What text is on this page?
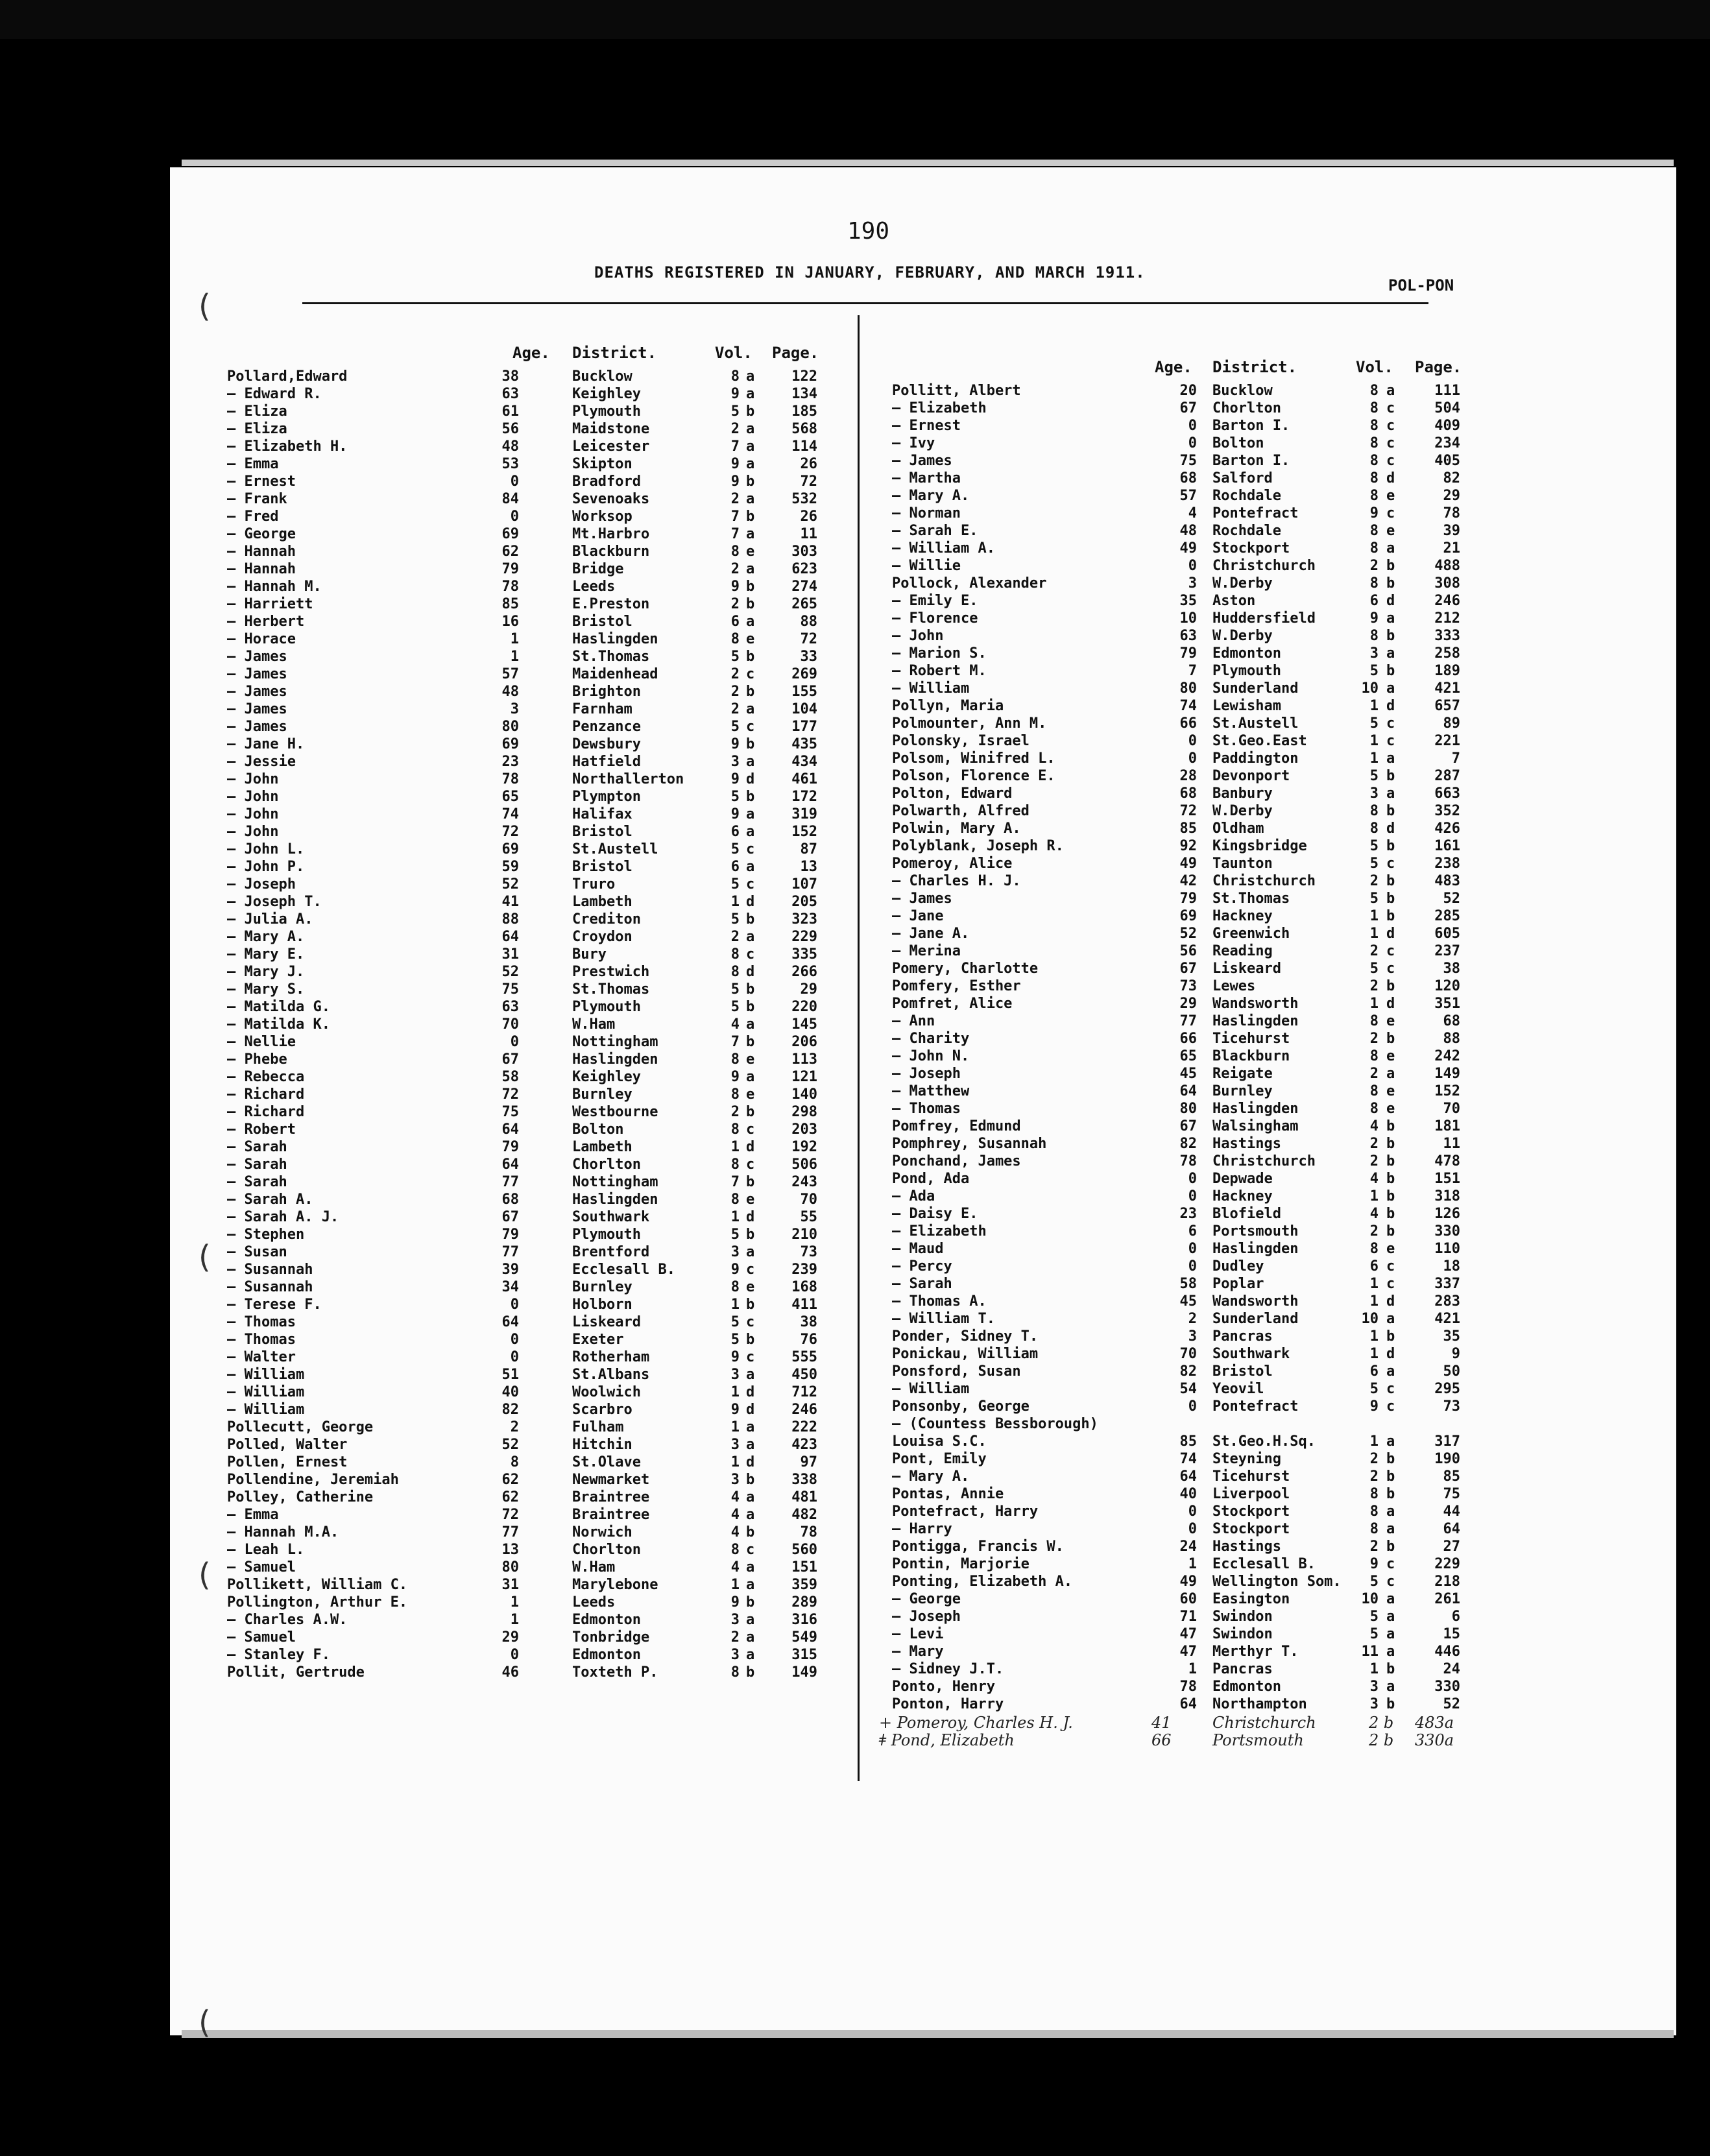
190
DEATHS REGISTERED IN JANUARY, FEBRUARY, AND MARCH 1911.
POL-PON
(
(
(
(
Age. District.	Vol. Page.
Pollard,Edward	38	Bucklow	8 a	122
— Edward R.	63	Keighley	9 a	134
— Eliza	61	Plymouth	5 b	185
— Eliza	56	Maidstone	2 a	568
— Elizabeth H.	48	Leicester	7 a	114
— Emma	53	Skipton	9 a	26
— Ernest	0	Bradford	9 b	72
— Frank	84	Sevenoaks	2 a	532
— Fred	0	Worksop	7 b	26
— George	69	Mt.Harbro	7 a	11
— Hannah	62	Blackburn	8 e	303
— Hannah	79	Bridge	2 a	623
— Hannah M.	78	Leeds	9 b	274
— Harriett	85	E.Preston	2 b	265
— Herbert	16	Bristol	6 a	88
— Horace	1	Haslingden	8 e	72
— James	1	St.Thomas	5 b	33
— James	57	Maidenhead	2 c	269
— James	48	Brighton	2 b	155
— James	3	Farnham	2 a	104
— James	80	Penzance	5 c	177
— Jane H.	69	Dewsbury	9 b	435
— Jessie	23	Hatfield	3 a	434
— John	78	Northallerton	9 d	461
— John	65	Plympton	5 b	172
— John	74	Halifax	9 a	319
— John	72	Bristol	6 a	152
— John L.	69	St.Austell	5 c	87
— John P.	59	Bristol	6 a	13
— Joseph	52	Truro	5 c	107
— Joseph T.	41	Lambeth	1 d	205
— Julia A.	88	Crediton	5 b	323
— Mary A.	64	Croydon	2 a	229
— Mary E.	31	Bury	8 c	335
— Mary J.	52	Prestwich	8 d	266
— Mary S.	75	St.Thomas	5 b	29
— Matilda G.	63	Plymouth	5 b	220
— Matilda K.	70	W.Ham	4 a	145
— Nellie	0	Nottingham	7 b	206
— Phebe	67	Haslingden	8 e	113
— Rebecca	58	Keighley	9 a	121
— Richard	72	Burnley	8 e	140
— Richard	75	Westbourne	2 b	298
— Robert	64	Bolton	8 c	203
— Sarah	79	Lambeth	1 d	192
— Sarah	64	Chorlton	8 c	506
— Sarah	77	Nottingham	7 b	243
— Sarah A.	68	Haslingden	8 e	70
— Sarah A. J.	67	Southwark	1 d	55
— Stephen	79	Plymouth	5 b	210
— Susan	77	Brentford	3 a	73
— Susannah	39	Ecclesall B.	9 c	239
— Susannah	34	Burnley	8 e	168
— Terese F.	0	Holborn	1 b	411
— Thomas	64	Liskeard	5 c	38
— Thomas	0	Exeter	5 b	76
— Walter	0	Rotherham	9 c	555
— William	51	St.Albans	3 a	450
— William	40	Woolwich	1 d	712
— William	82	Scarbro	9 d	246
Pollecutt, George	2	Fulham	1 a	222
Polled, Walter	52	Hitchin	3 a	423
Pollen, Ernest	8	St.Olave	1 d	97
Pollendine, Jeremiah	62	Newmarket	3 b	338
Polley, Catherine	62	Braintree	4 a	481
— Emma	72	Braintree	4 a	482
— Hannah M.A.	77	Norwich	4 b	78
— Leah L.	13	Chorlton	8 c	560
— Samuel	80	W.Ham	4 a	151
Pollikett, William C.	31	Marylebone	1 a	359
Pollington, Arthur E.	1	Leeds	9 b	289
— Charles A.W.	1	Edmonton	3 a	316
— Samuel	29	Tonbridge	2 a	549
— Stanley F.	0	Edmonton	3 a	315
Pollit, Gertrude	46	Toxteth P.	8 b	149
Age. District.	Vol. Page.
Pollitt, Albert	20 Bucklow	8 a	111
— Elizabeth	67 Chorlton	8 c	504
— Ernest	0 Barton I.	8 c	409
— Ivy	0 Bolton	8 c	234
— James	75 Barton I.	8 c	405
— Martha	68 Salford	8 d	82
— Mary A.	57 Rochdale	8 e	29
— Norman	4 Pontefract	9 c	78
— Sarah E.	48 Rochdale	8 e	39
— William A.	49 Stockport	8 a	21
— Willie	0 Christchurch	2 b	488
Pollock, Alexander	3 W.Derby	8 b	308
— Emily E.	35 Aston	6 d	246
— Florence	10 Huddersfield	9 a	212
— John	63 W.Derby	8 b	333
— Marion S.	79 Edmonton	3 a	258
— Robert M.	7 Plymouth	5 b	189
— William	80 Sunderland	10 a	421
Pollyn, Maria	74 Lewisham	1 d	657
Polmounter, Ann M.	66 St.Austell	5 c	89
Polonsky, Israel	0 St.Geo.East	1 c	221
Polsom, Winifred L.	0 Paddington	1 a	7
Polson, Florence E.	28 Devonport	5 b	287
Polton, Edward	68 Banbury	3 a	663
Polwarth, Alfred	72 W.Derby	8 b	352
Polwin, Mary A.	85 Oldham	8 d	426
Polyblank, Joseph R.	92 Kingsbridge	5 b	161
Pomeroy, Alice	49 Taunton	5 c	238
— Charles H. J.	42 Christchurch	2 b	483
— James	79 St.Thomas	5 b	52
— Jane	69 Hackney	1 b	285
— Jane A.	52 Greenwich	1 d	605
— Merina	56 Reading	2 c	237
Pomery, Charlotte	67 Liskeard	5 c	38
Pomfery, Esther	73 Lewes	2 b	120
Pomfret, Alice	29 Wandsworth	1 d	351
— Ann	77 Haslingden	8 e	68
— Charity	66 Ticehurst	2 b	88
— John N.	65 Blackburn	8 e	242
— Joseph	45 Reigate	2 a	149
— Matthew	64 Burnley	8 e	152
— Thomas	80 Haslingden	8 e	70
Pomfrey, Edmund	67 Walsingham	4 b	181
Pomphrey, Susannah	82 Hastings	2 b	11
Ponchand, James	78 Christchurch	2 b	478
Pond, Ada	0 Depwade	4 b	151
— Ada	0 Hackney	1 b	318
— Daisy E.	23 Blofield	4 b	126
— Elizabeth	6 Portsmouth	2 b	330
— Maud	0 Haslingden	8 e	110
— Percy	0 Dudley	6 c	18
— Sarah	58 Poplar	1 c	337
— Thomas A.	45 Wandsworth	1 d	283
— William T.	2 Sunderland	10 a	421
Ponder, Sidney T.	3 Pancras	1 b	35
Ponickau, William	70 Southwark	1 d	9
Ponsford, Susan	82 Bristol	6 a	50
— William	54 Yeovil	5 c	295
Ponsonby, George	0 Pontefract	9 c	73
— (Countess Bessborough)
Louisa S.C.	85 St.Geo.H.Sq.	1 a	317
Pont, Emily	74 Steyning	2 b	190
— Mary A.	64 Ticehurst	2 b	85
Pontas, Annie	40 Liverpool	8 b	75
Pontefract, Harry	0 Stockport	8 a	44
— Harry	0 Stockport	8 a	64
Pontigga, Francis W.	24 Hastings	2 b	27
Pontin, Marjorie	1 Ecclesall B.	9 c	229
Ponting, Elizabeth A.	49 Wellington Som.	5 c	218
— George	60 Easington	10 a	261
— Joseph	71 Swindon	5 a	6
— Levi	47 Swindon	5 a	15
— Mary	47 Merthyr T.	11 a	446
— Sidney J.T.	1 Pancras	1 b	24
Ponto, Henry	78 Edmonton	3 a	330
Ponton, Harry	64 Northampton	3 b	52
+ Pomeroy, Charles H. J.	41	Christchurch	2 b 483a
ǂ Pond, Elizabeth	66	Portsmouth	2 b 330a
